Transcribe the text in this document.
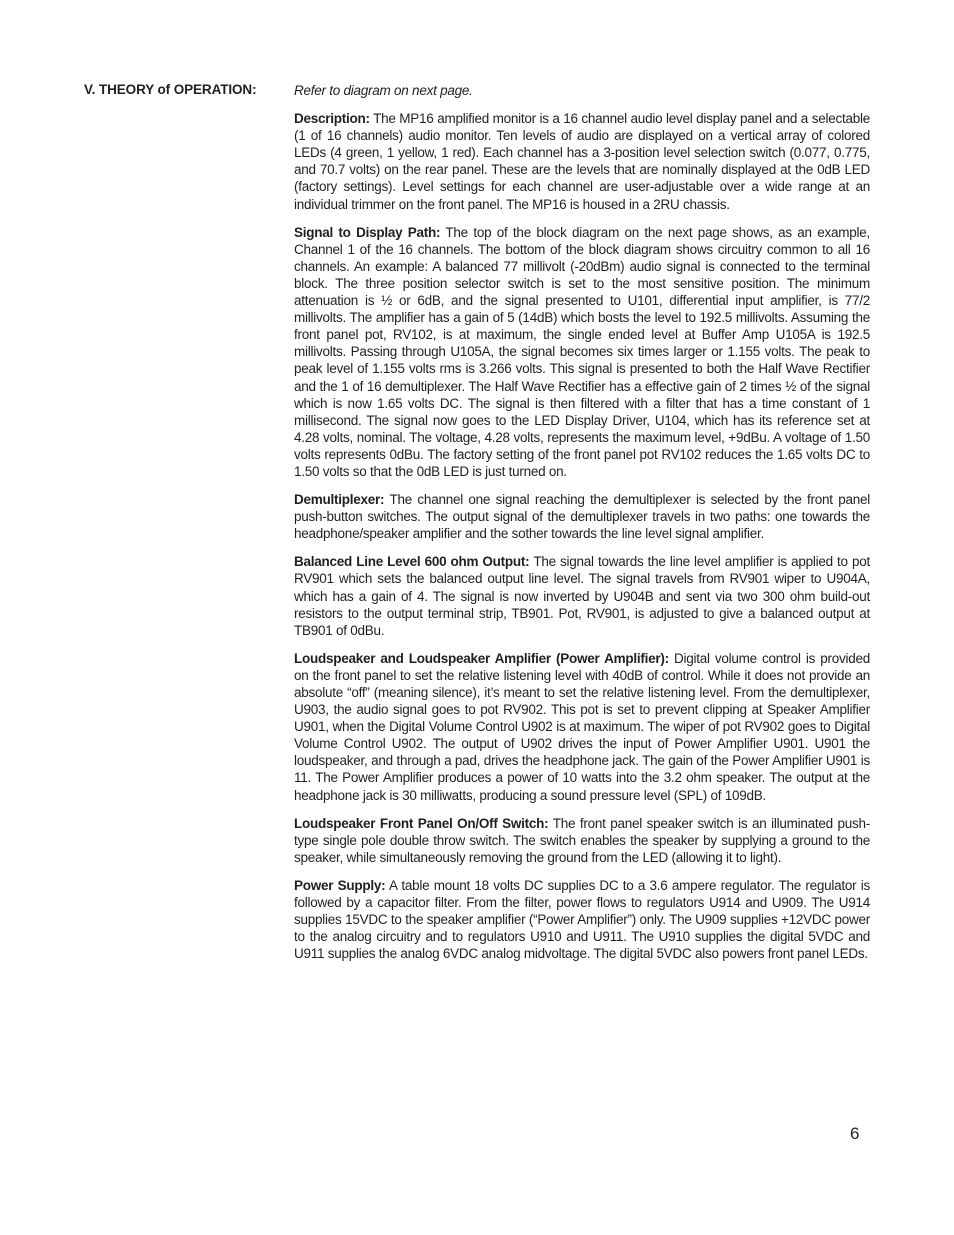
V. THEORY of OPERATION:	Refer to diagram on next page.

Description: The MP16 amplified monitor is a 16 channel audio level display panel and a selectable (1 of 16 channels) audio monitor. Ten levels of audio are displayed on a vertical array of colored LEDs (4 green, 1 yellow, 1 red). Each channel has a 3-position level selection switch (0.077, 0.775, and 70.7 volts) on the rear panel. These are the levels that are nominally displayed at the 0dB LED (factory settings). Level settings for each channel are user-adjustable over a wide range at an individual trimmer on the front panel. The MP16 is housed in a 2RU chassis.

Signal to Display Path: The top of the block diagram on the next page shows, as an example, Channel 1 of the 16 channels. The bottom of the block diagram shows circuitry common to all 16 channels. An example: A balanced 77 millivolt (-20dBm) audio signal is connected to the terminal block. The three position selector switch is set to the most sensitive position. The minimum attenuation is ½ or 6dB, and the signal presented to U101, differential input amplifier, is 77/2 millivolts. The amplifier has a gain of 5 (14dB) which bosts the level to 192.5 millivolts. Assuming the front panel pot, RV102, is at maximum, the single ended level at Buffer Amp U105A is 192.5 millivolts. Passing through U105A, the signal becomes six times larger or 1.155 volts. The peak to peak level of 1.155 volts rms is 3.266 volts. This signal is presented to both the Half Wave Rectifier and the 1 of 16 demultiplexer. The Half Wave Rectifier has a effective gain of 2 times ½ of the signal which is now 1.65 volts DC. The signal is then filtered with a filter that has a time constant of 1 millisecond. The signal now goes to the LED Display Driver, U104, which has its reference set at 4.28 volts, nominal. The voltage, 4.28 volts, represents the maximum level, +9dBu. A voltage of 1.50 volts represents 0dBu. The factory setting of the front panel pot RV102 reduces the 1.65 volts DC to 1.50 volts so that the 0dB LED is just turned on.

Demultiplexer: The channel one signal reaching the demultiplexer is selected by the front panel push-button switches. The output signal of the demultiplexer travels in two paths: one towards the headphone/speaker amplifier and the sother towards the line level signal amplifier.

Balanced Line Level 600 ohm Output: The signal towards the line level amplifier is applied to pot RV901 which sets the balanced output line level. The signal travels from RV901 wiper to U904A, which has a gain of 4. The signal is now inverted by U904B and sent via two 300 ohm build-out resistors to the output terminal strip, TB901. Pot, RV901, is adjusted to give a balanced output at TB901 of 0dBu.

Loudspeaker and Loudspeaker Amplifier (Power Amplifier): Digital volume control is provided on the front panel to set the relative listening level with 40dB of control. While it does not provide an absolute “off” (meaning silence), it’s meant to set the relative listening level. From the demultiplexer, U903, the audio signal goes to pot RV902. This pot is set to prevent clipping at Speaker Amplifier U901, when the Digital Volume Control U902 is at maximum. The wiper of pot RV902 goes to Digital Volume Control U902. The output of U902 drives the input of Power Amplifier U901. U901 the loudspeaker, and through a pad, drives the headphone jack. The gain of the Power Amplifier U901 is 11. The Power Amplifier produces a power of 10 watts into the 3.2 ohm speaker. The output at the headphone jack is 30 milliwatts, producing a sound pressure level (SPL) of 109dB.

Loudspeaker Front Panel On/Off Switch: The front panel speaker switch is an illuminated push-type single pole double throw switch. The switch enables the speaker by supplying a ground to the speaker, while simultaneously removing the ground from the LED (allowing it to light).

Power Supply: A table mount 18 volts DC supplies DC to a 3.6 ampere regulator. The regulator is followed by a capacitor filter. From the filter, power flows to regulators U914 and U909. The U914 supplies 15VDC to the speaker amplifier (“Power Amplifier”) only. The U909 supplies +12VDC power to the analog circuitry and to regulators U910 and U911. The U910 supplies the digital 5VDC and U911 supplies the analog 6VDC analog midvoltage. The digital 5VDC also powers front panel LEDs.

6
